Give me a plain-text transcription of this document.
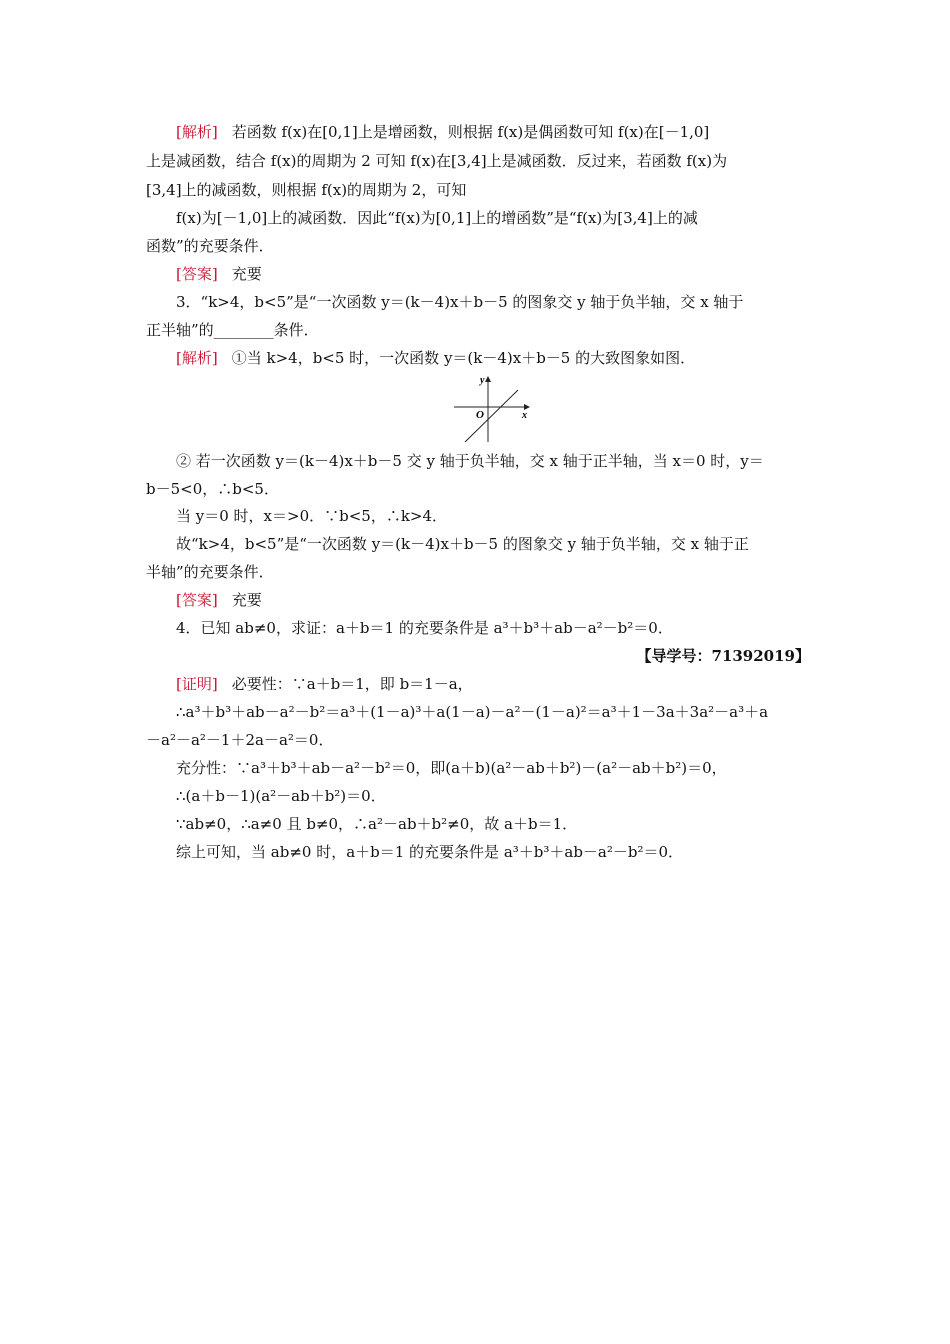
[解析] 若函数 f(x)在[0,1]上是增函数，则根据 f(x)是偶函数可知 f(x)在[－1,0]
上是减函数，结合 f(x)的周期为 2 可知 f(x)在[3,4]上是减函数．反过来，若函数 f(x)为
[3,4]上的减函数，则根据 f(x)的周期为 2，可知
f(x)为[－1,0]上的减函数．因此“f(x)为[0,1]上的增函数”是“f(x)为[3,4]上的减
函数”的充要条件．
[答案] 充要
3．“k>4，b<5”是“一次函数 y＝(k－4)x＋b－5 的图象交 y 轴于负半轴，交 x 轴于
正半轴”的________条件．
[解析] ①当 k>4，b<5 时，一次函数 y＝(k－4)x＋b－5 的大致图象如图．
y
x
O
② 若一次函数 y＝(k－4)x＋b－5 交 y 轴于负半轴，交 x 轴于正半轴，当 x＝0 时，y＝
b－5<0，∴b<5．
当 y＝0 时，x＝>0．∵b<5，∴k>4．
故“k>4，b<5”是“一次函数 y＝(k－4)x＋b－5 的图象交 y 轴于负半轴，交 x 轴于正
半轴”的充要条件．
[答案] 充要
4．已知 ab≠0，求证：a＋b＝1 的充要条件是 a³＋b³＋ab－a²－b²＝0．
【导学号：71392019】
[证明] 必要性：∵a＋b＝1，即 b＝1－a，
∴a³＋b³＋ab－a²－b²＝a³＋(1－a)³＋a(1－a)－a²－(1－a)²＝a³＋1－3a＋3a²－a³＋a
－a²－a²－1＋2a－a²＝0．
充分性：∵a³＋b³＋ab－a²－b²＝0，即(a＋b)(a²－ab＋b²)－(a²－ab＋b²)＝0，
∴(a＋b－1)(a²－ab＋b²)＝0．
∵ab≠0，∴a≠0 且 b≠0，∴a²－ab＋b²≠0，故 a＋b＝1．
综上可知，当 ab≠0 时，a＋b＝1 的充要条件是 a³＋b³＋ab－a²－b²＝0．
